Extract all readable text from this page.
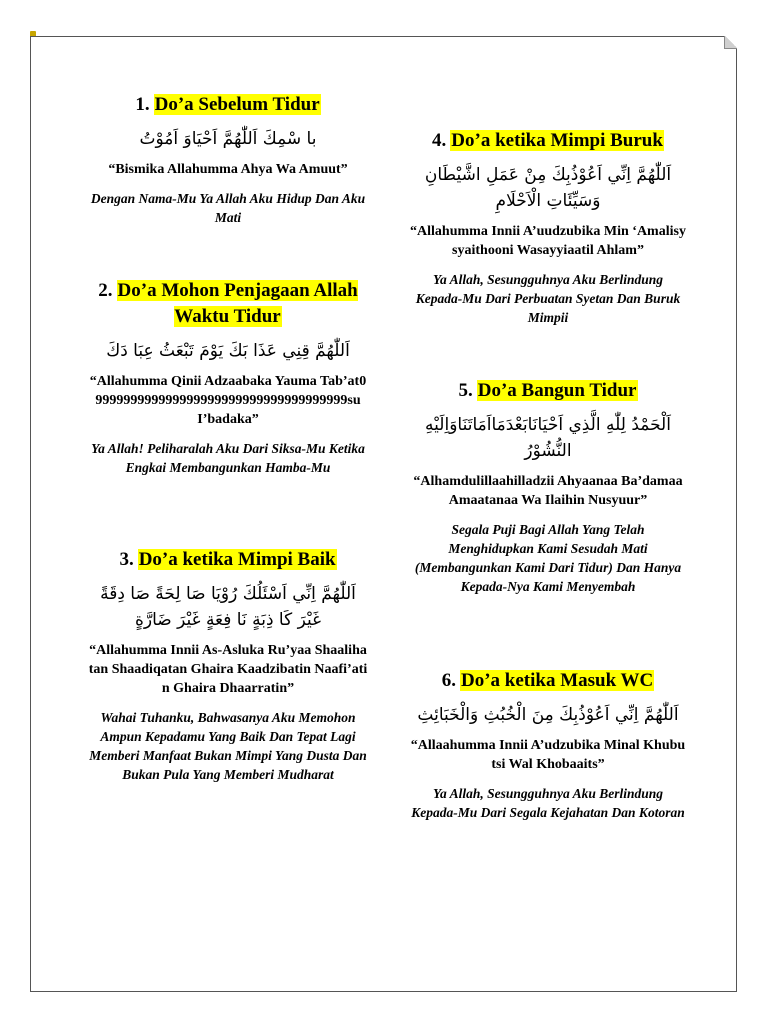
1. Do’a Sebelum Tidur

با سْمِكَ اَللّٰهُمَّ اَحْيَاوَ اَمُوْتُ

“Bismika Allahumma Ahya Wa Amuut”

Dengan Nama-Mu Ya Allah Aku Hidup Dan Aku Mati

2. Do’a Mohon Penjagaan Allah Waktu Tidur

اَللّٰهُمَّ قِنِي عَذَا بَكَ يَوْمَ تَبْعَثُ عِبَا دَكَ

“Allahumma Qinii Adzaabaka Yauma Tab’at0999999999999999999999999999999999999su I’badaka”

Ya Allah! Peliharalah Aku Dari Siksa-Mu Ketika Engkai Membangunkan Hamba-Mu

3. Do’a ketika Mimpi Baik

اَللّٰهُمَّ اِنِّي اَسْئَلُكَ رُوْيَا صَا لِحَةً صَا دِقَةً غَيْرَ كَا ذِبَةٍ نَا فِعَةٍ غَيْرَ ضَارَّةٍ

“Allahumma Innii As-Asluka Ru’yaa Shaalihatan Shaadiqatan Ghaira Kaadzibatin Naafi’atin Ghaira Dhaarratin”

Wahai Tuhanku, Bahwasanya Aku Memohon Ampun Kepadamu Yang Baik Dan Tepat Lagi Memberi Manfaat Bukan Mimpi Yang Dusta Dan Bukan Pula Yang Memberi Mudharat

4. Do’a ketika Mimpi Buruk

اَللّٰهُمَّ اِنِّي اَعُوْذُبِكَ مِنْ عَمَلِ اشَّيْطَانِ وَسَيِّئَاتِ الْاَحْلَامِ

“Allahumma Innii A’uudzubika Min ‘Amalisysyaithooni Wasayyiaatil Ahlam”

Ya Allah, Sesungguhnya Aku Berlindung Kepada-Mu Dari Perbuatan Syetan Dan Buruk Mimpii

5. Do’a Bangun Tidur

اَلْحَمْدُ لِلّٰهِ الَّذِي اَحْيَانَابَعْدَمَااَمَاتَنَاوَاِلَيْهِ النُّشُوْرُ

“Alhamdulillaahilladzii Ahyaanaa Ba’damaa Amaatanaa Wa Ilaihin Nusyuur”

Segala Puji Bagi Allah Yang Telah Menghidupkan Kami Sesudah Mati (Membangunkan Kami Dari Tidur) Dan Hanya Kepada-Nya Kami Menyembah

6. Do’a ketika Masuk WC

اَللّٰهُمَّ اِنِّي اَعُوْذُبِكَ مِنَ الْخُبُثِ وَالْخَبَائِثِ

“Allaahumma Innii A’udzubika Minal Khubutsi Wal Khobaaits”

Ya Allah, Sesungguhnya Aku Berlindung Kepada-Mu Dari Segala Kejahatan Dan Kotoran
